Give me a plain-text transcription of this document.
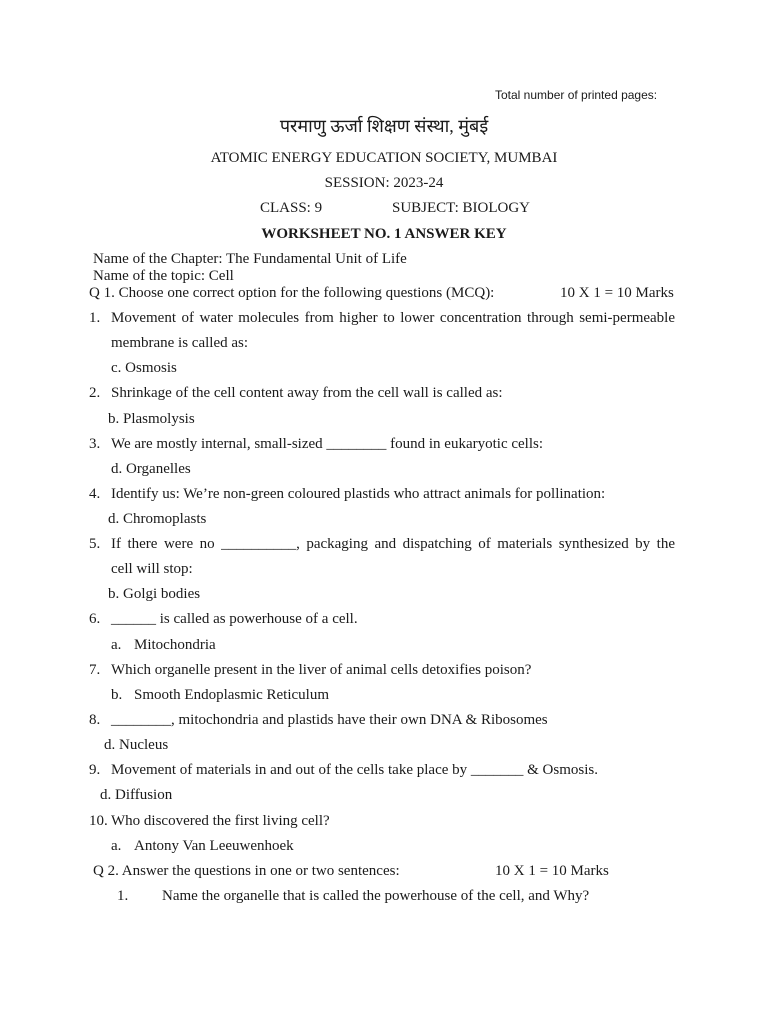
Total number of printed pages:
परमाणु ऊर्जा शिक्षण संस्था, मुंबई
ATOMIC ENERGY EDUCATION SOCIETY, MUMBAI
SESSION: 2023-24
CLASS: 9	SUBJECT: BIOLOGY
WORKSHEET NO. 1 ANSWER KEY
Name of the Chapter: The Fundamental Unit of Life
Name of the topic: Cell
Q 1. Choose one correct option for the following questions (MCQ):	10 X 1 = 10 Marks
1. Movement of water molecules from higher to lower concentration through semi-permeable
membrane is called as:
c. Osmosis
2. Shrinkage of the cell content away from the cell wall is called as:
b. Plasmolysis
3. We are mostly internal, small-sized ________ found in eukaryotic cells:
d. Organelles
4. Identify us: We’re non-green coloured plastids who attract animals for pollination:
d. Chromoplasts
5. If there were no __________, packaging and dispatching of materials synthesized by the
cell will stop:
b. Golgi bodies
6. ______ is called as powerhouse of a cell.
a. Mitochondria
7. Which organelle present in the liver of animal cells detoxifies poison?
b. Smooth Endoplasmic Reticulum
8. ________, mitochondria and plastids have their own DNA & Ribosomes
d. Nucleus
9. Movement of materials in and out of the cells take place by _______ & Osmosis.
d. Diffusion
10. Who discovered the first living cell?
a. Antony Van Leeuwenhoek
Q 2. Answer the questions in one or two sentences:	10 X 1 = 10 Marks
1. Name the organelle that is called the powerhouse of the cell, and Why?
